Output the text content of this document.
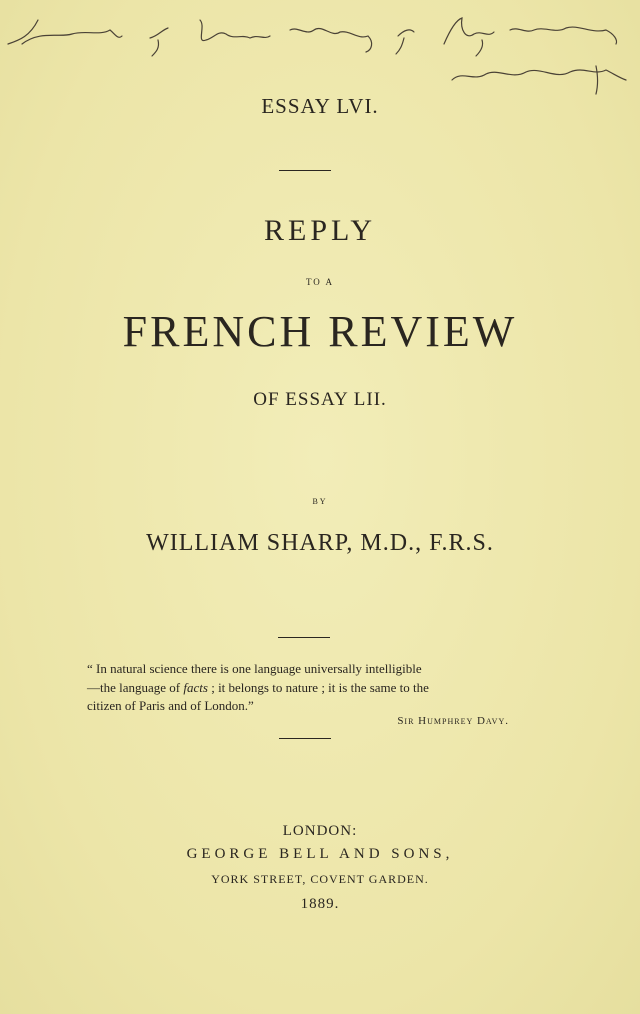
ESSAY LVI.
REPLY
TO A
FRENCH REVIEW
OF ESSAY LII.
BY
WILLIAM SHARP, M.D., F.R.S.

“ In natural science there is one language universally intelligible

—the language of facts ; it belongs to nature ; it is the same to the

citizen of Paris and of London.”

Sir Humphrey Davy.
LONDON:
GEORGE BELL AND SONS,
YORK STREET, COVENT GARDEN.
1889.
